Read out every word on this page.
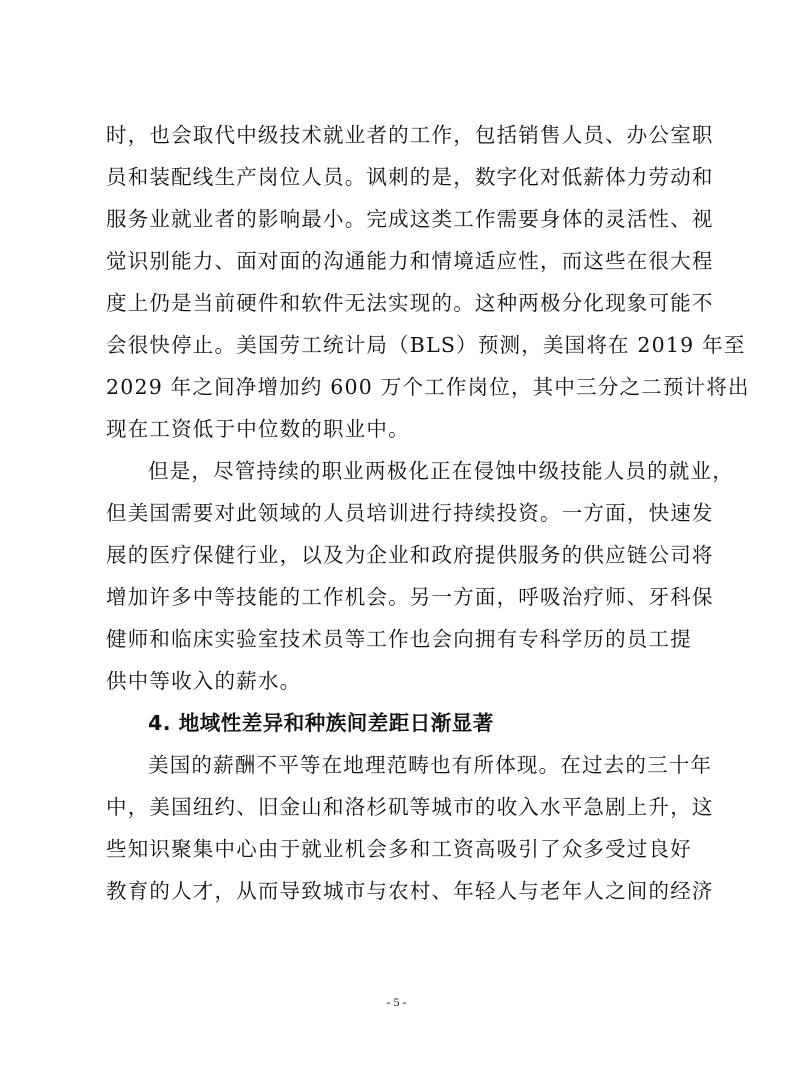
时，也会取代中级技术就业者的工作，包括销售人员、办公室职
员和装配线生产岗位人员。讽刺的是，数字化对低薪体力劳动和
服务业就业者的影响最小。完成这类工作需要身体的灵活性、视
觉识别能力、面对面的沟通能力和情境适应性，而这些在很大程
度上仍是当前硬件和软件无法实现的。这种两极分化现象可能不
会很快停止。美国劳工统计局（BLS）预测，美国将在 2019 年至
2029 年之间净增加约 600 万个工作岗位，其中三分之二预计将出
现在工资低于中位数的职业中。
但是，尽管持续的职业两极化正在侵蚀中级技能人员的就业，
但美国需要对此领域的人员培训进行持续投资。一方面，快速发
展的医疗保健行业，以及为企业和政府提供服务的供应链公司将
增加许多中等技能的工作机会。另一方面，呼吸治疗师、牙科保
健师和临床实验室技术员等工作也会向拥有专科学历的员工提
供中等收入的薪水。
4. 地域性差异和种族间差距日渐显著
美国的薪酬不平等在地理范畴也有所体现。在过去的三十年
中，美国纽约、旧金山和洛杉矶等城市的收入水平急剧上升，这
些知识聚集中心由于就业机会多和工资高吸引了众多受过良好
教育的人才，从而导致城市与农村、年轻人与老年人之间的经济
- 5 -
